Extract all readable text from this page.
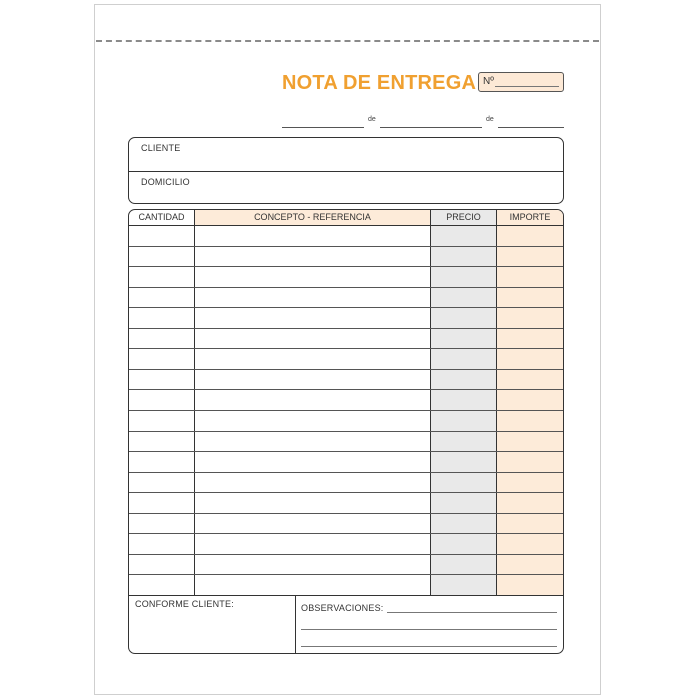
NOTA DE ENTREGA Nº
de	de
CLIENTE
DOMICILIO
CANTIDAD	CONCEPTO - REFERENCIA	PRECIO	IMPORTE
CONFORME CLIENTE:	OBSERVACIONES:
